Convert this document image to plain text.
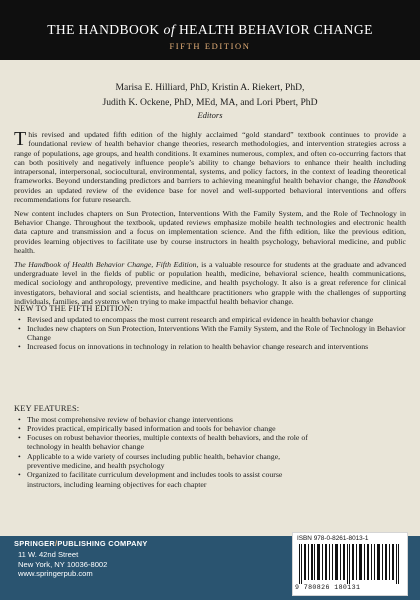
THE HANDBOOK of HEALTH BEHAVIOR CHANGE
FIFTH EDITION
Marisa E. Hilliard, PhD, Kristin A. Riekert, PhD,
Judith K. Ockene, PhD, MEd, MA, and Lori Pbert, PhD
Editors

This revised and updated fifth edition of the highly acclaimed “gold standard” textbook continues to provide a foundational review of health behavior change theories, research methodologies, and intervention strategies across a range of populations, age groups, and health conditions. It examines numerous, complex, and often co-occurring factors that can both positively and negatively influence people’s ability to change behaviors to enhance their health including intrapersonal, interpersonal, sociocultural, environmental, systems, and policy factors, in the context of leading theoretical frameworks. Beyond understanding predictors and barriers to achieving meaningful health behavior change, the Handbook provides an updated review of the evidence base for novel and well-supported behavioral interventions and offers recommendations for future research.

New content includes chapters on Sun Protection, Interventions With the Family System, and the Role of Technology in Behavior Change. Throughout the textbook, updated reviews emphasize mobile health technologies and electronic health data capture and transmission and a focus on implementation science. And the fifth edition, like the previous edition, provides learning objectives to facilitate use by course instructors in health psychology, behavioral medicine, and public health.

The Handbook of Health Behavior Change, Fifth Edition, is a valuable resource for students at the graduate and advanced undergraduate level in the fields of public or population health, medicine, behavioral science, health communications, medical sociology and anthropology, preventive medicine, and health psychology. It also is a great reference for clinical investigators, behavioral and social scientists, and healthcare practitioners who grapple with the challenges of supporting individuals, families, and systems when trying to make impactful health behavior change.

NEW TO THE FIFTH EDITION:
• Revised and updated to encompass the most current research and empirical evidence in health behavior change
• Includes new chapters on Sun Protection, Interventions With the Family System, and the Role of Technology in Behavior Change
• Increased focus on innovations in technology in relation to health behavior change research and interventions
KEY FEATURES:
• The most comprehensive review of behavior change interventions
• Provides practical, empirically based information and tools for behavior change
• Focuses on robust behavior theories, multiple contexts of health behaviors, and the role of technology in health behavior change
• Applicable to a wide variety of courses including public health, behavior change, preventive medicine, and health psychology
• Organized to facilitate curriculum development and includes tools to assist course instructors, including learning objectives for each chapter
SPRINGER/PUBLISHING COMPANY
11 W. 42nd Street
New York, NY 10036-8002
www.springerpub.com
ISBN 978-0-8261-8013-1
9 780826 180131
